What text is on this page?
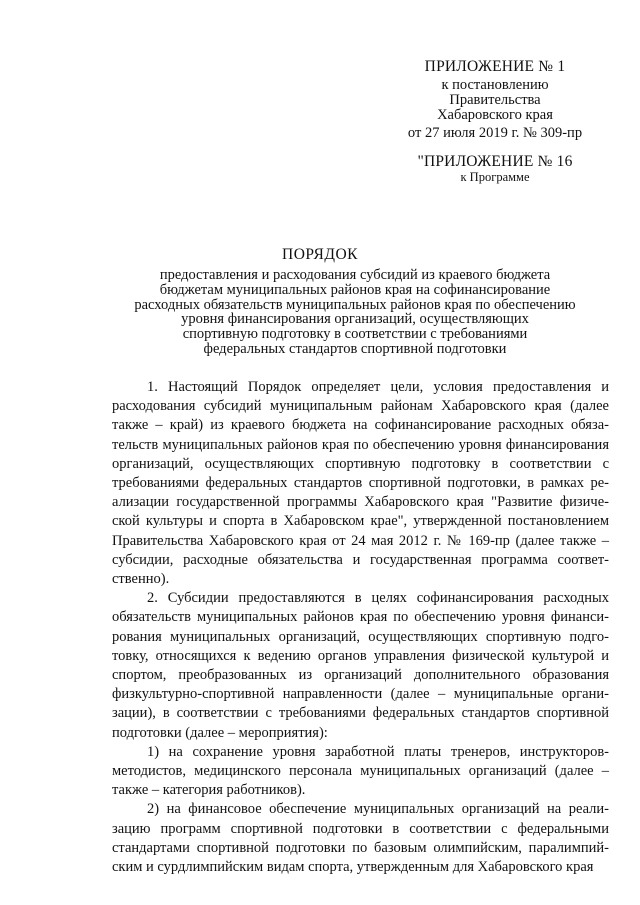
ПРИЛОЖЕНИЕ № 1
к постановлению
Правительства
Хабаровского края
от 27 июля 2019 г. № 309-пр
"ПРИЛОЖЕНИЕ № 16
к Программе
ПОРЯДОК
предоставления и расходования субсидий из краевого бюджета
бюджетам муниципальных районов края на софинансирование
расходных обязательств муниципальных районов края по обеспечению
уровня финансирования организаций, осуществляющих
спортивную подготовку в соответствии с требованиями
федеральных стандартов спортивной подготовки

1. Настоящий Порядок определяет цели, условия предоставления и расходования субсидий муниципальным районам Хабаровского края (далее также – край) из краевого бюджета на софинансирование расходных обязательств муниципальных районов края по обеспечению уровня финансирования организаций, осуществляющих спортивную подготовку в соответствии с требованиями федеральных стандартов спортивной подготовки, в рамках реализации государственной программы Хабаровского края "Развитие физической культуры и спорта в Хабаровском крае", утвержденной постановлением Правительства Хабаровского края от 24 мая 2012 г. № 169-пр (далее также – субсидии, расходные обязательства и государственная программа соответственно).

2. Субсидии предоставляются в целях софинансирования расходных обязательств муниципальных районов края по обеспечению уровня финансирования муниципальных организаций, осуществляющих спортивную подготовку, относящихся к ведению органов управления физической культурой и спортом, преобразованных из организаций дополнительного образования физкультурно-спортивной направленности (далее – муниципальные организации), в соответствии с требованиями федеральных стандартов спортивной подготовки (далее – мероприятия):

1) на сохранение уровня заработной платы тренеров, инструкторов-методистов, медицинского персонала муниципальных организаций (далее – также – категория работников).

2) на финансовое обеспечение муниципальных организаций на реализацию программ спортивной подготовки в соответствии с федеральными стандартами спортивной подготовки по базовым олимпийским, паралимпийским и сурдлимпийским видам спорта, утвержденным для Хабаровского края
